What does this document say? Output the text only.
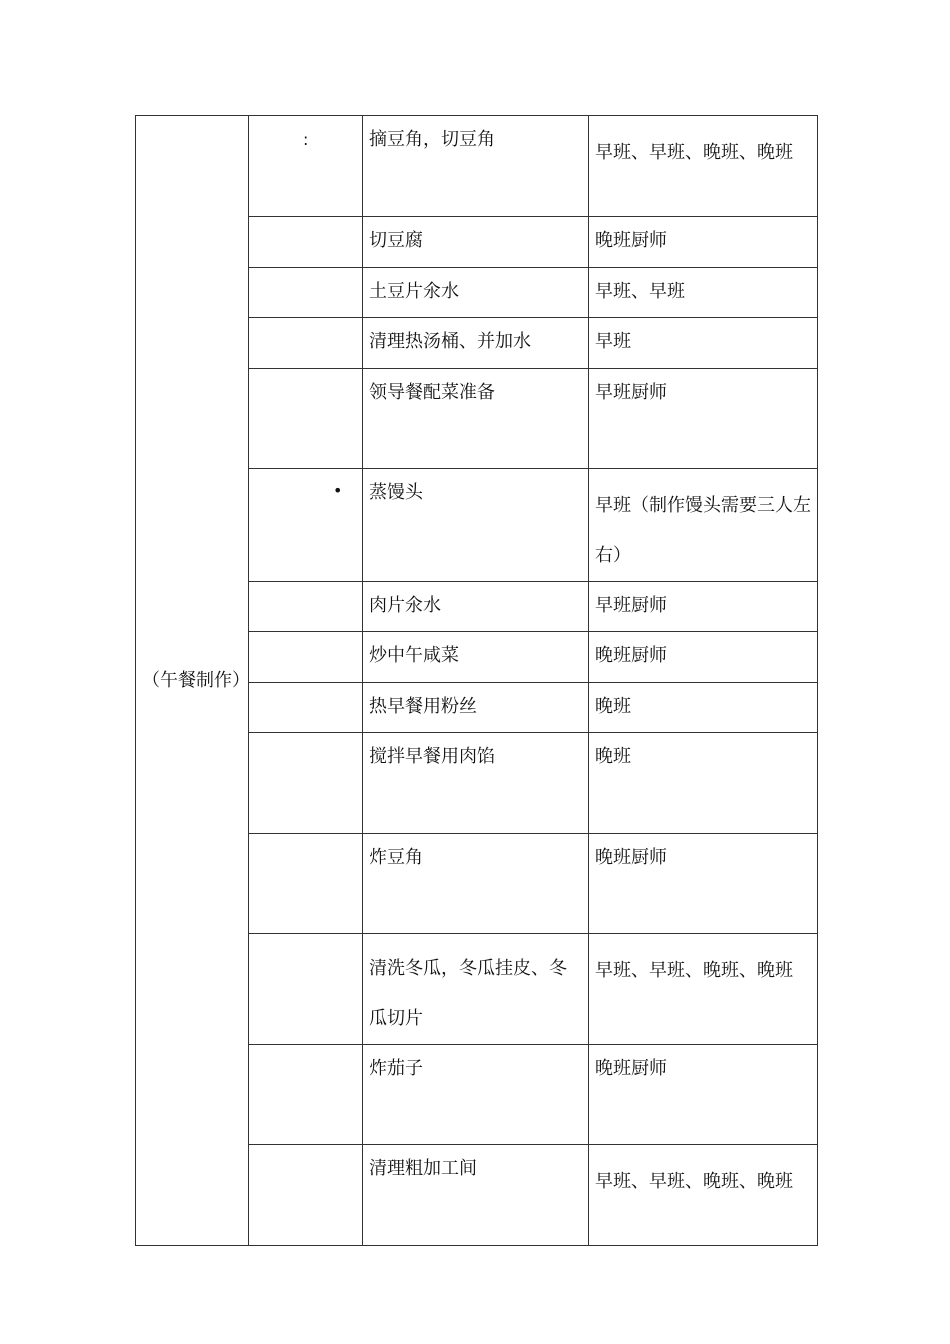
（午餐制作）	:	摘豆角，切豆角	早班、早班、晚班、晚班

		切豆腐	晚班厨师

		土豆片氽水	早班、早班

		清理热汤桶、并加水	早班

		领导餐配菜准备	早班厨师

	•	蒸馒头	早班（制作馒头需要三人左右）

		肉片氽水	早班厨师

		炒中午咸菜	晚班厨师

		热早餐用粉丝	晚班

		搅拌早餐用肉馅	晚班

		炸豆角	晚班厨师

		清洗冬瓜，冬瓜挂皮、冬瓜切片	早班、早班、晚班、晚班

		炸茄子	晚班厨师

		清理粗加工间	早班、早班、晚班、晚班
